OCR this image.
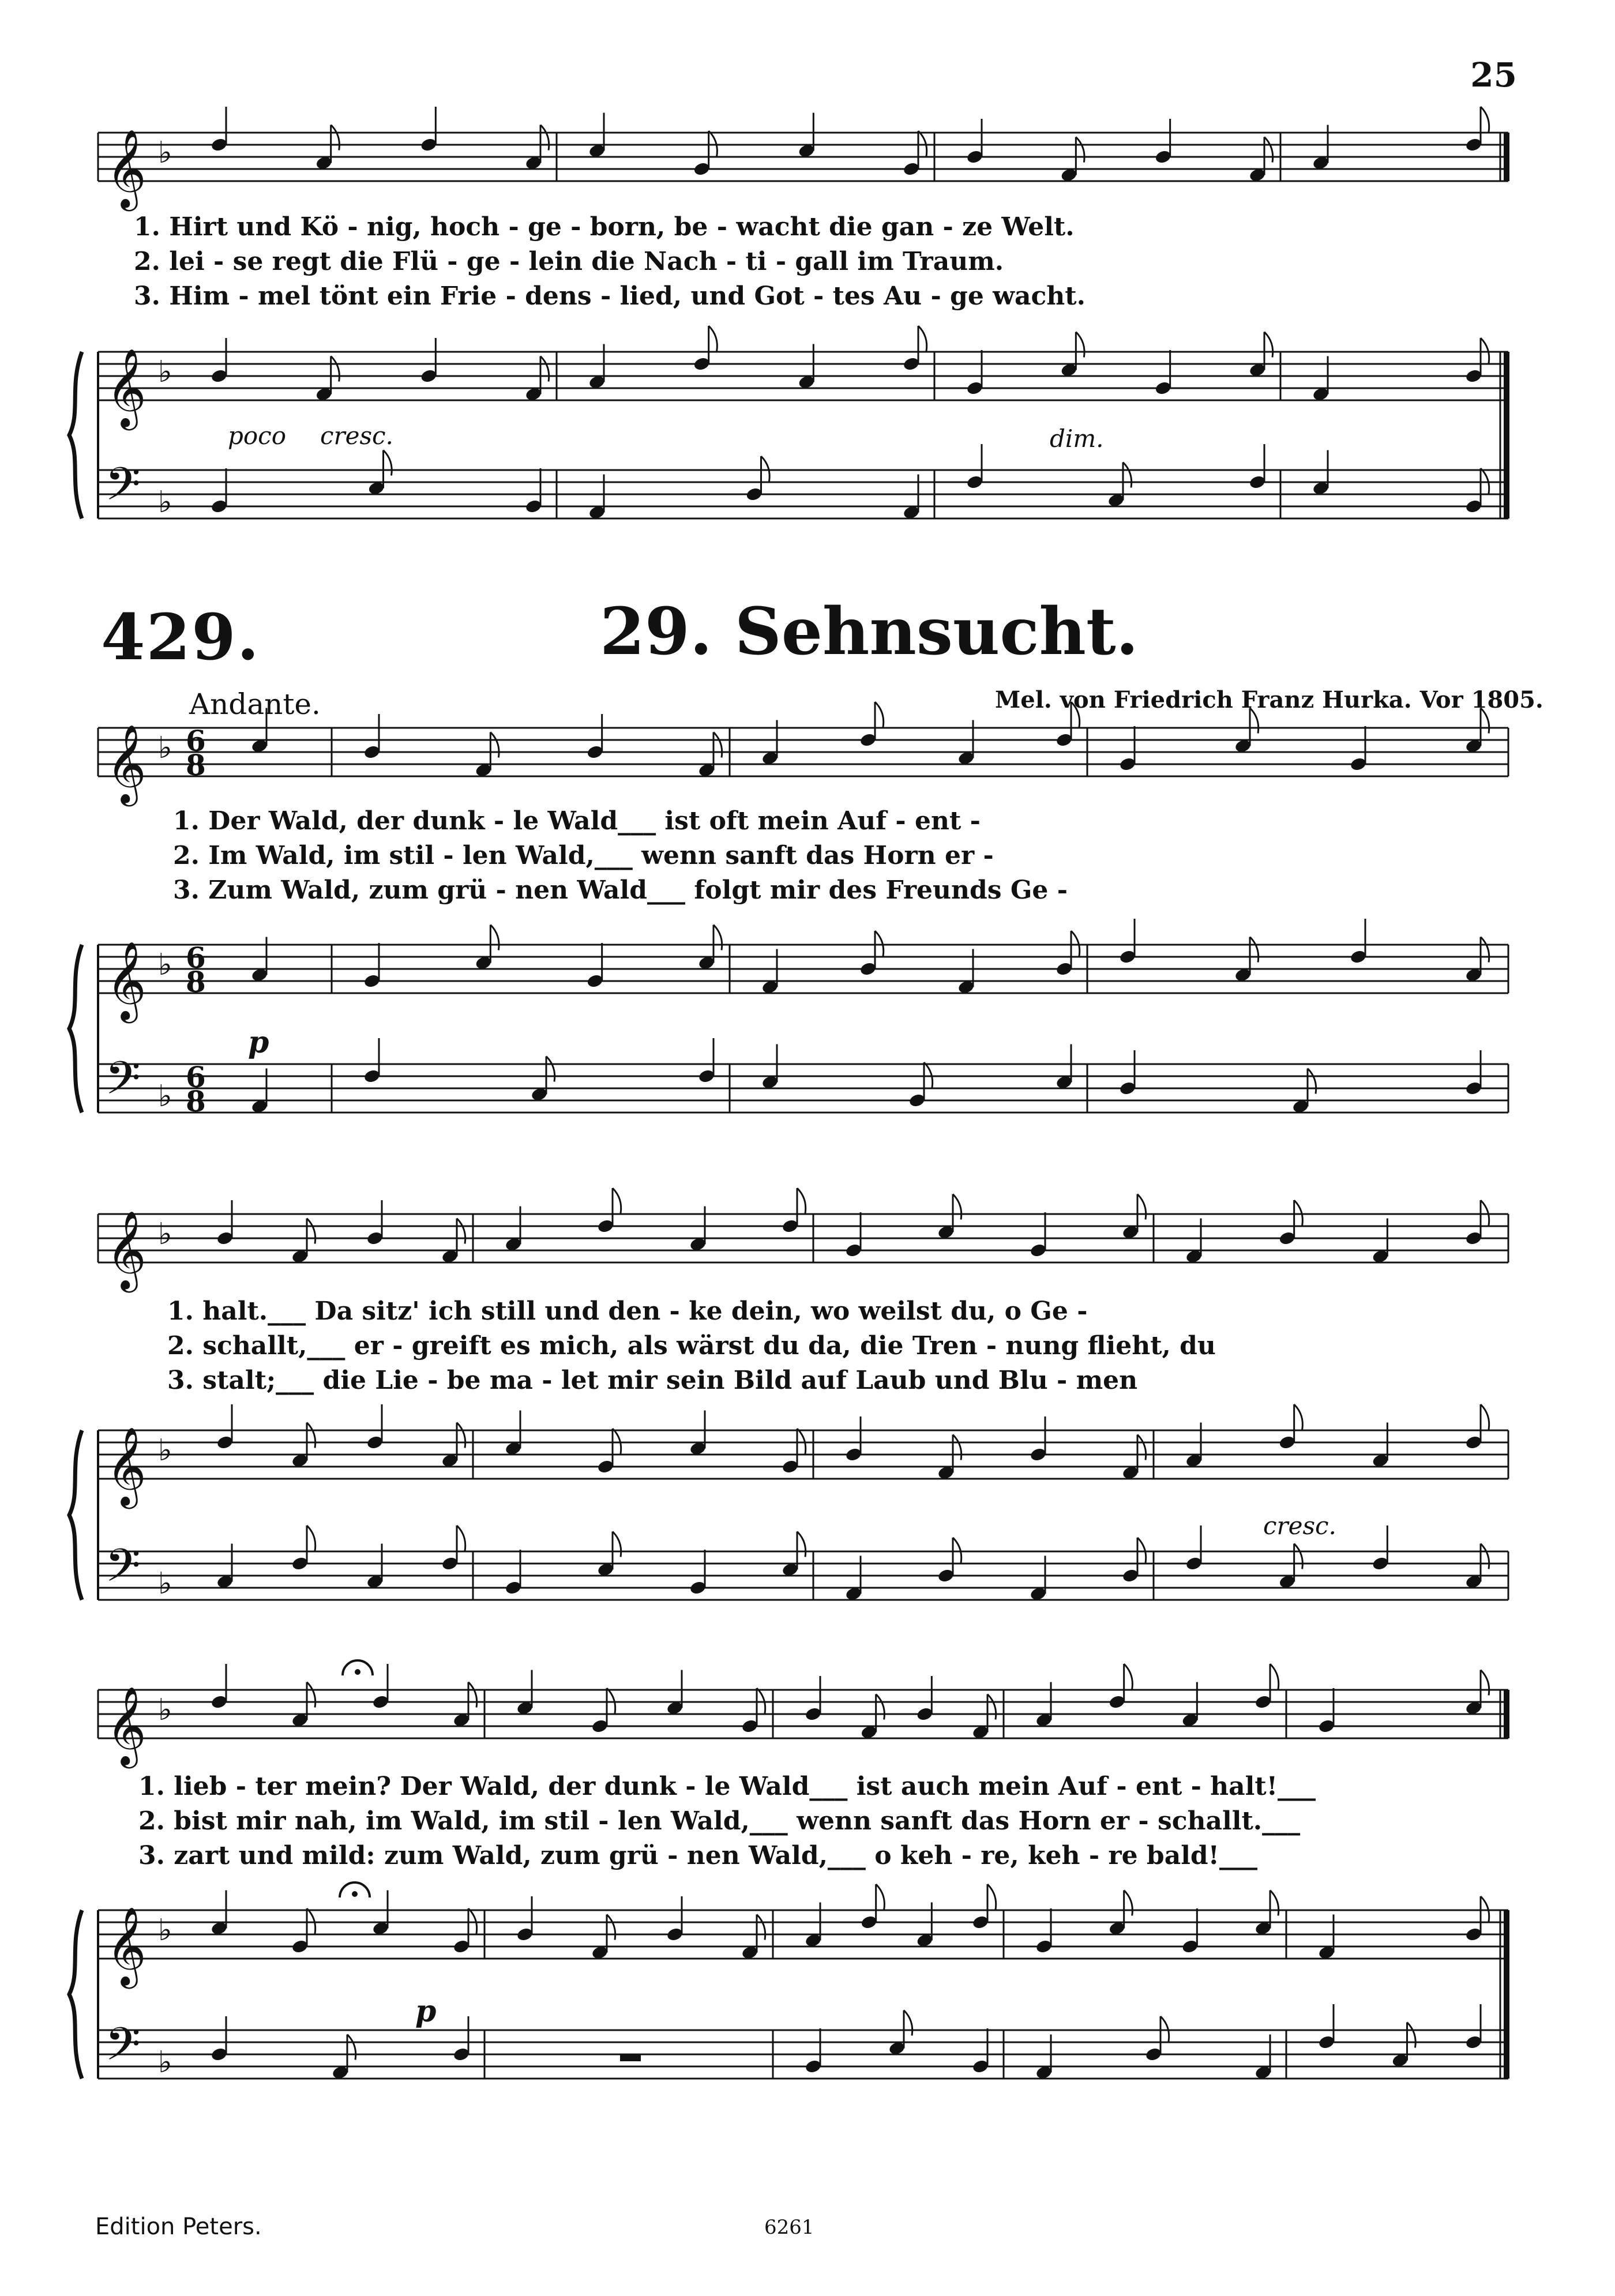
25
429.	29. Sehnsucht.
Andante.	Mel. von Friedrich Franz Hurka. Vor 1805.
1. Hirt und Kö - nig, hoch - ge - born, be - wacht die gan - ze Welt.
2. lei - se regt die Flü - ge - lein die Nach - ti - gall im Traum.
3. Him - mel tönt ein Frie - dens - lied, und Got - tes Au - ge wacht.
1. Der Wald, der dunk - le Wald___ ist oft mein Auf - ent -
2. Im Wald, im stil - len Wald,___ wenn sanft das Horn er -
3. Zum Wald, zum grü - nen Wald___ folgt mir des Freunds Ge -
1. halt.___ Da sitz' ich still und den - ke dein, wo weilst du, o Ge -
2. schallt,___ er - greift es mich, als wärst du da, die Tren - nung flieht, du
3. stalt;___ die Lie - be ma - let mir sein Bild auf Laub und Blu - men
1. lieb - ter mein? Der Wald, der dunk - le Wald___ ist auch mein Auf - ent - halt!___
2. bist mir nah, im Wald, im stil - len Wald,___ wenn sanft das Horn er - schallt.___
3. zart und mild: zum Wald, zum grü - nen Wald,___ o keh - re, keh - re bald!___
Edition Peters.	6261
𝄞 ♭
𝄞 ♭
𝄢 ♭
poco cresc.	dim.
𝄞 ♭
𝄞 ♭
𝄢 ♭
6
8
6
8
6
8
p
𝄞 ♭
𝄞 ♭
𝄢 ♭
cresc.
𝄞 ♭
𝄞 ♭
𝄢 ♭
p
